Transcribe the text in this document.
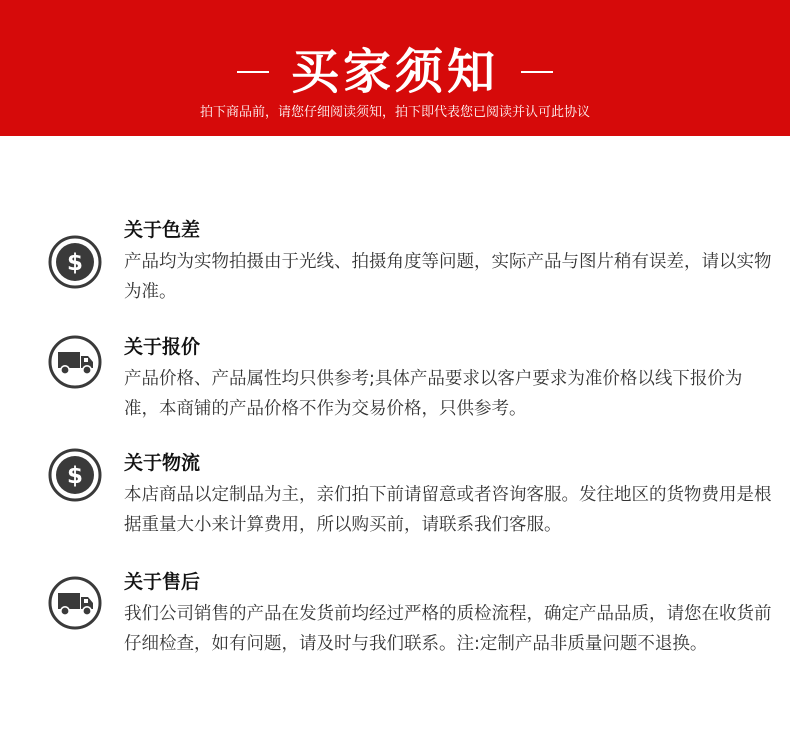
买家须知
拍下商品前，请您仔细阅读须知，拍下即代表您已阅读并认可此协议
$
关于色差
产品均为实物拍摄由于光线、拍摄角度等问题，实际产品与图片稍有误差，请以实物为准。
关于报价
产品价格、产品属性均只供参考;具体产品要求以客户要求为准价格以线下报价为准，本商铺的产品价格不作为交易价格，只供参考。
$ 关于物流
本店商品以定制品为主，亲们拍下前请留意或者咨询客服。发往地区的货物费用是根据重量大小来计算费用，所以购买前，请联系我们客服。
关于售后
我们公司销售的产品在发货前均经过严格的质检流程，确定产品品质，请您在收货前仔细检查，如有问题，请及时与我们联系。注:定制产品非质量问题不退换。
